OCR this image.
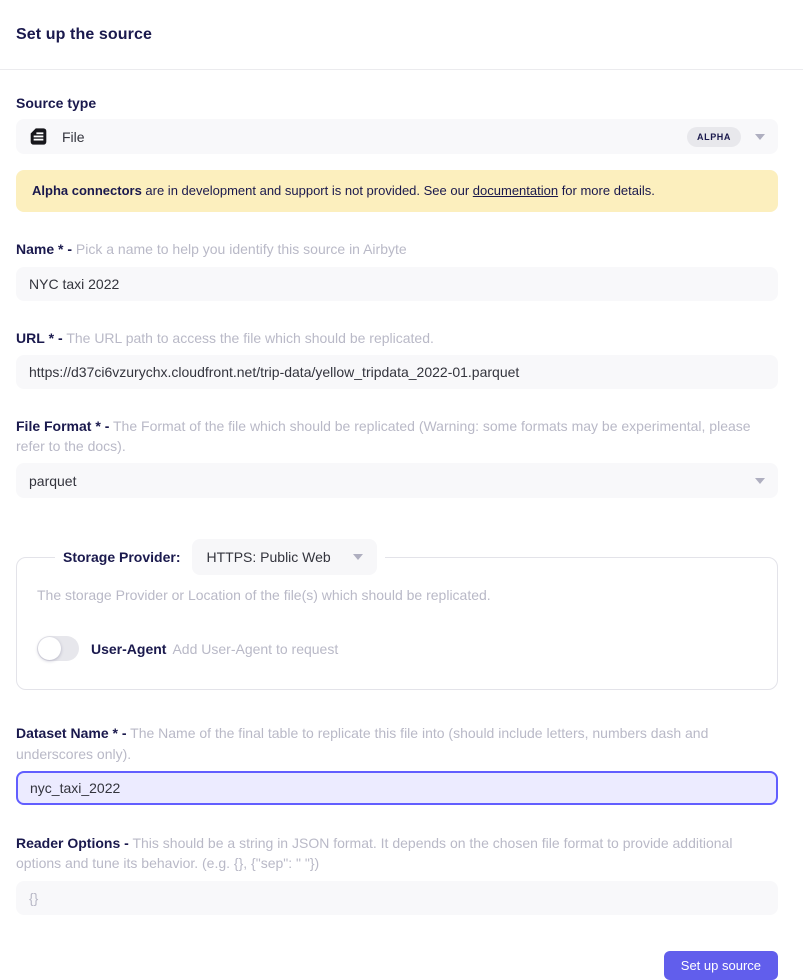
Set up the source
Source type
File	ALPHA
Alpha connectors are in development and support is not provided. See our documentation for more details.
Name * - Pick a name to help you identify this source in Airbyte
NYC taxi 2022
URL * - The URL path to access the file which should be replicated.
https://d37ci6vzurychx.cloudfront.net/trip-data/yellow_tripdata_2022-01.parquet
File Format * - The Format of the file which should be replicated (Warning: some formats may be experimental, please refer to the docs).
parquet
Storage Provider: HTTPS: Public Web
The storage Provider or Location of the file(s) which should be replicated.
User-Agent Add User-Agent to request
Dataset Name * - The Name of the final table to replicate this file into (should include letters, numbers dash and underscores only).
nyc_taxi_2022
Reader Options - This should be a string in JSON format. It depends on the chosen file format to provide additional options and tune its behavior. (e.g. {}, {"sep": " "})
{}
Set up source
